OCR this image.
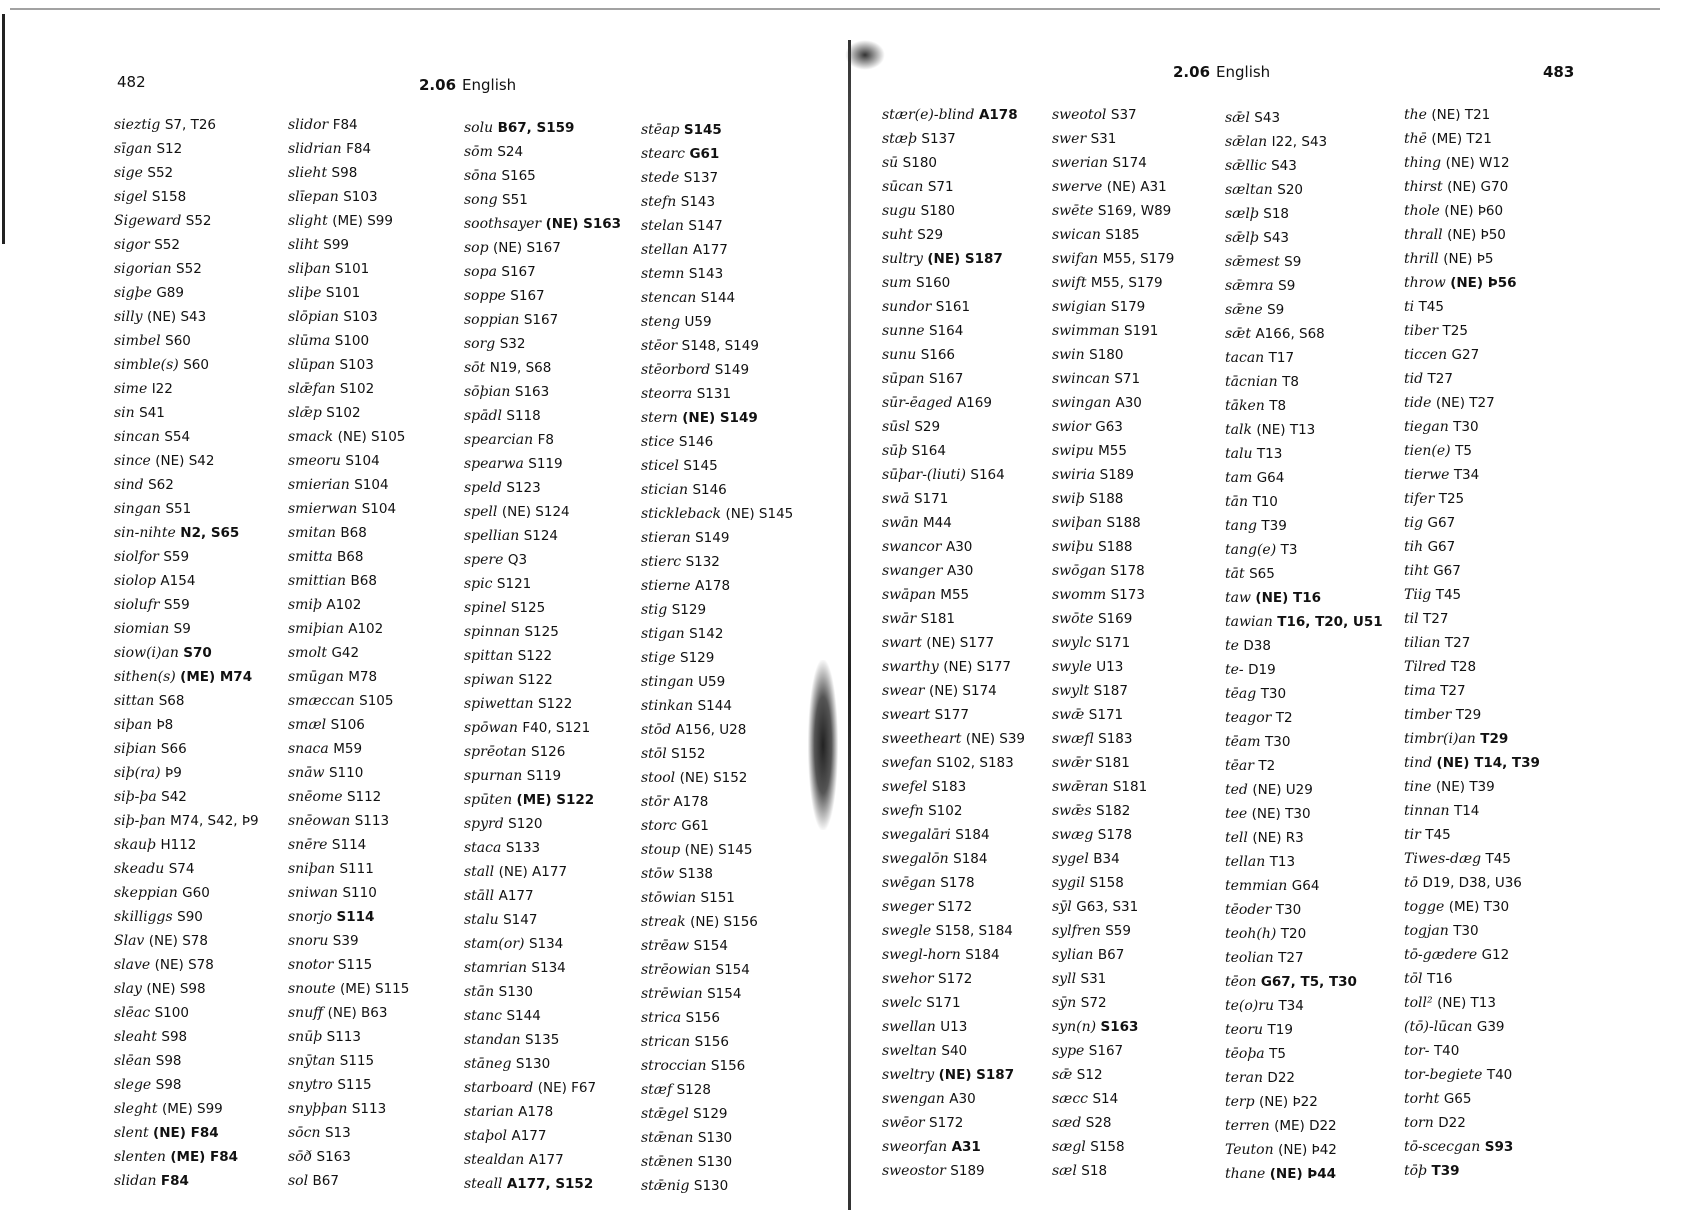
482	2.06 English
sieztig S7, T26
sīgan S12
sige S52
sigel S158
Sigeward S52
sigor S52
sigorian S52
sigþe G89
silly (NE) S43
simbel S60
simble(s) S60
sime I22
sin S41
sincan S54
since (NE) S42
sind S62
singan S51
sin-nihte N2, S65
siolfor S59
siolop A154
siolufr S59
siomian S9
siow(i)an S70
sithen(s) (ME) M74
sittan S68
siþan Þ8
siþian S66
siþ(ra) Þ9
siþ-þa S42
siþ-þan M74, S42, Þ9
skauþ H112
skeadu S74
skeppian G60
skilliggs S90
Slav (NE) S78
slave (NE) S78
slay (NE) S98
slēac S100
sleaht S98
slēan S98
slege S98
sleght (ME) S99
slent (NE) F84
slenten (ME) F84
slidan F84
slidor F84
slidrian F84
slieht S98
slīepan S103
slight (ME) S99
sliht S99
sliþan S101
sliþe S101
slōpian S103
slūma S100
slūpan S103
slǣfan S102
slǣp S102
smack (NE) S105
smeoru S104
smierian S104
smierwan S104
smitan B68
smitta B68
smittian B68
smiþ A102
smiþian A102
smolt G42
smūgan M78
smæccan S105
smæl S106
snaca M59
snāw S110
snēome S112
snēowan S113
snēre S114
sniþan S111
sniwan S110
snorjo S114
snoru S39
snotor S115
snoute (ME) S115
snuff (NE) B63
snūþ S113
snӯtan S115
snytro S115
snyþþan S113
sōcn S13
sōð S163
sol B67
solu B67, S159
sōm S24
sōna S165
song S51
soothsayer (NE) S163
sop (NE) S167
sopa S167
soppe S167
soppian S167
sorg S32
sōt N19, S68
sōþian S163
spādl S118
spearcian F8
spearwa S119
speld S123
spell (NE) S124
spellian S124
spere Q3
spic S121
spinel S125
spinnan S125
spittan S122
spiwan S122
spiwettan S122
spōwan F40, S121
sprēotan S126
spurnan S119
spūten (ME) S122
spyrd S120
staca S133
stall (NE) A177
stāll A177
stalu S147
stam(or) S134
stamrian S134
stān S130
stanc S144
standan S135
stāneg S130
starboard (NE) F67
starian A178
staþol A177
stealdan A177
steall A177, S152
stēap S145
stearc G61
stede S137
stefn S143
stelan S147
stellan A177
stemn S143
stencan S144
steng U59
stēor S148, S149
stēorbord S149
steorra S131
stern (NE) S149
stice S146
sticel S145
stician S146
stickleback (NE) S145
stieran S149
stierc S132
stierne A178
stig S129
stigan S142
stige S129
stingan U59
stinkan S144
stōd A156, U28
stōl S152
stool (NE) S152
stōr A178
storc G61
stoup (NE) S145
stōw S138
stōwian S151
streak (NE) S156
strēaw S154
strēowian S154
strēwian S154
strica S156
strican S156
stroccian S156
stæf S128
stǣgel S129
stǣnan S130
stǣnen S130
stǣnig S130
2.06 English	483
stær(e)-blind A178
stæþ S137
sū S180
sūcan S71
sugu S180
suht S29
sultry (NE) S187
sum S160
sundor S161
sunne S164
sunu S166
sūpan S167
sūr-ēaged A169
sūsl S29
sūþ S164
sūþar-(liuti) S164
swā S171
swān M44
swancor A30
swanger A30
swāpan M55
swār S181
swart (NE) S177
swarthy (NE) S177
swear (NE) S174
sweart S177
sweetheart (NE) S39
swefan S102, S183
swefel S183
swefn S102
swegalāri S184
swegalōn S184
swēgan S178
sweger S172
swegle S158, S184
swegl-horn S184
swehor S172
swelc S171
swellan U13
sweltan S40
sweltry (NE) S187
swengan A30
swēor S172
sweorfan A31
sweostor S189
sweotol S37
swer S31
swerian S174
swerve (NE) A31
swēte S169, W89
swican S185
swifan M55, S179
swift M55, S179
swigian S179
swimman S191
swin S180
swincan S71
swingan A30
swior G63
swipu M55
swiria S189
swiþ S188
swiþan S188
swiþu S188
swōgan S178
swomm S173
swōte S169
swylc S171
swyle U13
swylt S187
swǣ S171
swæfl S183
swǣr S181
swǣran S181
swǣs S182
swæg S178
sygel B34
sygil S158
sӯl G63, S31
sylfren S59
sylian B67
syll S31
sӯn S72
syn(n) S163
sype S167
sǣ S12
sæcc S14
sæd S28
sægl S158
sæl S18
sǣl S43
sǣlan I22, S43
sǣllic S43
sæltan S20
sælþ S18
sǣlþ S43
sǣmest S9
sǣmra S9
sǣne S9
sǣt A166, S68
tacan T17
tācnian T8
tāken T8
talk (NE) T13
talu T13
tam G64
tān T10
tang T39
tang(e) T3
tāt S65
taw (NE) T16
tawian T16, T20, U51
te D38
te- D19
tēag T30
teagor T2
tēam T30
tēar T2
ted (NE) U29
tee (NE) T30
tell (NE) R3
tellan T13
temmian G64
tēoder T30
teoh(h) T20
teolian T27
tēon G67, T5, T30
te(o)ru T34
teoru T19
tēoþa T5
teran D22
terp (NE) Þ22
terren (ME) D22
Teuton (NE) Þ42
thane (NE) Þ44
the (NE) T21
thē (ME) T21
thing (NE) W12
thirst (NE) G70
thole (NE) Þ60
thrall (NE) Þ50
thrill (NE) Þ5
throw (NE) Þ56
ti T45
tiber T25
ticcen G27
tid T27
tide (NE) T27
tiegan T30
tien(e) T5
tierwe T34
tifer T25
tig G67
tih G67
tiht G67
Tiig T45
til T27
tilian T27
Tilred T28
tima T27
timber T29
timbr(i)an T29
tind (NE) T14, T39
tine (NE) T39
tinnan T14
tir T45
Tiwes-dæg T45
tō D19, D38, U36
togge (ME) T30
togjan T30
tō-gædere G12
tōl T16
toll² (NE) T13
(tō)-lūcan G39
tor- T40
tor-begiete T40
torht G65
torn D22
tō-scecgan S93
tōþ T39
